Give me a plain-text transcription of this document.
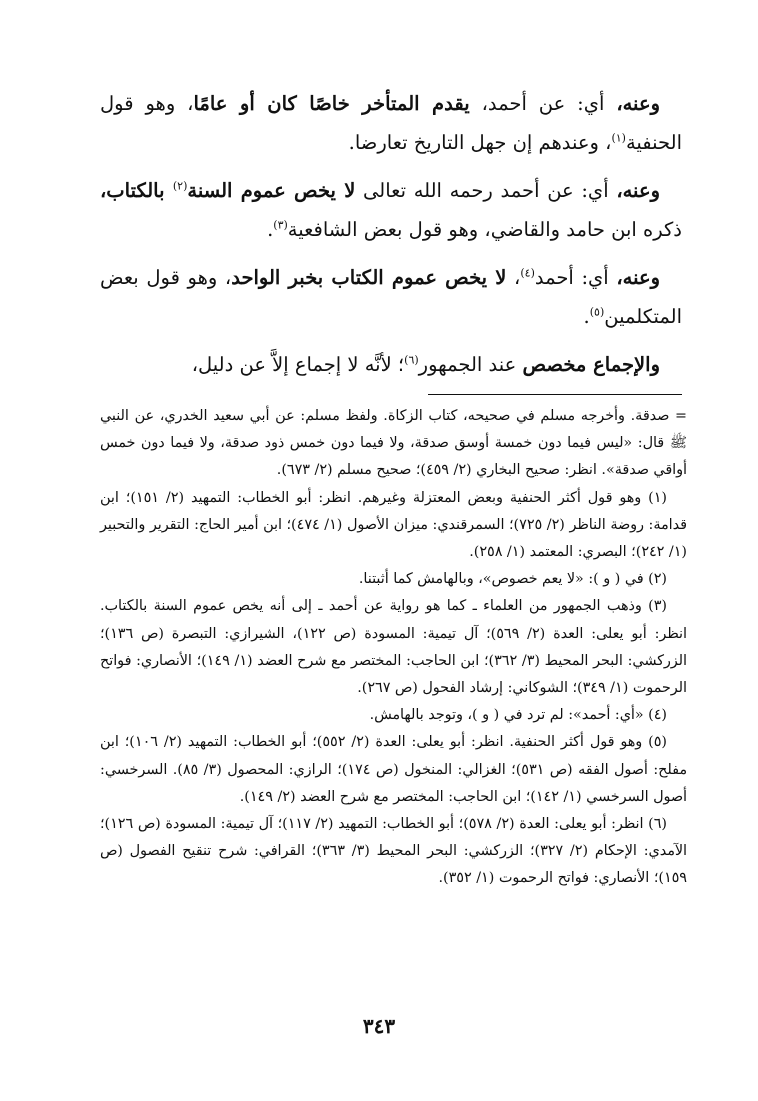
وعنه، أي: عن أحمد، يقدم المتأخر خاصًا كان أو عامًا، وهو قول الحنفية$^{(١)}$، وعندهم إن جهل التاريخ تعارضا.

وعنه، أي: عن أحمد رحمه الله تعالى لا يخص عموم السنة$^{(٢)}$ بالكتاب، ذكره ابن حامد والقاضي، وهو قول بعض الشافعية$^{(٣)}$.

وعنه، أي: أحمد$^{(٤)}$، لا يخص عموم الكتاب بخبر الواحد، وهو قول بعض المتكلمين$^{(٥)}$.

والإجماع مخصص عند الجمهور$^{(٦)}$؛ لأنَّه لا إجماع إلاَّ عن دليل،

= صدقة. وأخرجه مسلم في صحيحه، كتاب الزكاة. ولفظ مسلم: عن أبي سعيد الخدري، عن النبي ﷺ قال: «ليس فيما دون خمسة أوسق صدقة، ولا فيما دون خمس ذود صدقة، ولا فيما دون خمس أواقي صدقة». انظر: صحيح البخاري (٢/ ٤٥٩)؛ صحيح مسلم (٢/ ٦٧٣).

(١) وهو قول أكثر الحنفية وبعض المعتزلة وغيرهم. انظر: أبو الخطاب: التمهيد (٢/ ١٥١)؛ ابن قدامة: روضة الناظر (٢/ ٧٢٥)؛ السمرقندي: ميزان الأصول (١/ ٤٧٤)؛ ابن أمير الحاج: التقرير والتحبير (١/ ٢٤٢)؛ البصري: المعتمد (١/ ٢٥٨).

(٢) في ( و ): «لا يعم خصوص»، وبالهامش كما أثبتنا.

(٣) وذهب الجمهور من العلماء ـ كما هو رواية عن أحمد ـ إلى أنه يخص عموم السنة بالكتاب. انظر: أبو يعلى: العدة (٢/ ٥٦٩)؛ آل تيمية: المسودة (ص ١٢٢)، الشيرازي: التبصرة (ص ١٣٦)؛ الزركشي: البحر المحيط (٣/ ٣٦٢)؛ ابن الحاجب: المختصر مع شرح العضد (١/ ١٤٩)؛ الأنصاري: فواتح الرحموت (١/ ٣٤٩)؛ الشوكاني: إرشاد الفحول (ص ٢٦٧).

(٤) «أي: أحمد»: لم ترد في ( و )، وتوجد بالهامش.

(٥) وهو قول أكثر الحنفية. انظر: أبو يعلى: العدة (٢/ ٥٥٢)؛ أبو الخطاب: التمهيد (٢/ ١٠٦)؛ ابن مفلح: أصول الفقه (ص ٥٣١)؛ الغزالي: المنخول (ص ١٧٤)؛ الرازي: المحصول (٣/ ٨٥). السرخسي: أصول السرخسي (١/ ١٤٢)؛ ابن الحاجب: المختصر مع شرح العضد (٢/ ١٤٩).

(٦) انظر: أبو يعلى: العدة (٢/ ٥٧٨)؛ أبو الخطاب: التمهيد (٢/ ١١٧)؛ آل تيمية: المسودة (ص ١٢٦)؛ الآمدي: الإحكام (٢/ ٣٢٧)؛ الزركشي: البحر المحيط (٣/ ٣٦٣)؛ القرافي: شرح تنقيح الفصول (ص ١٥٩)؛ الأنصاري: فواتح الرحموت (١/ ٣٥٢).

٣٤٣
